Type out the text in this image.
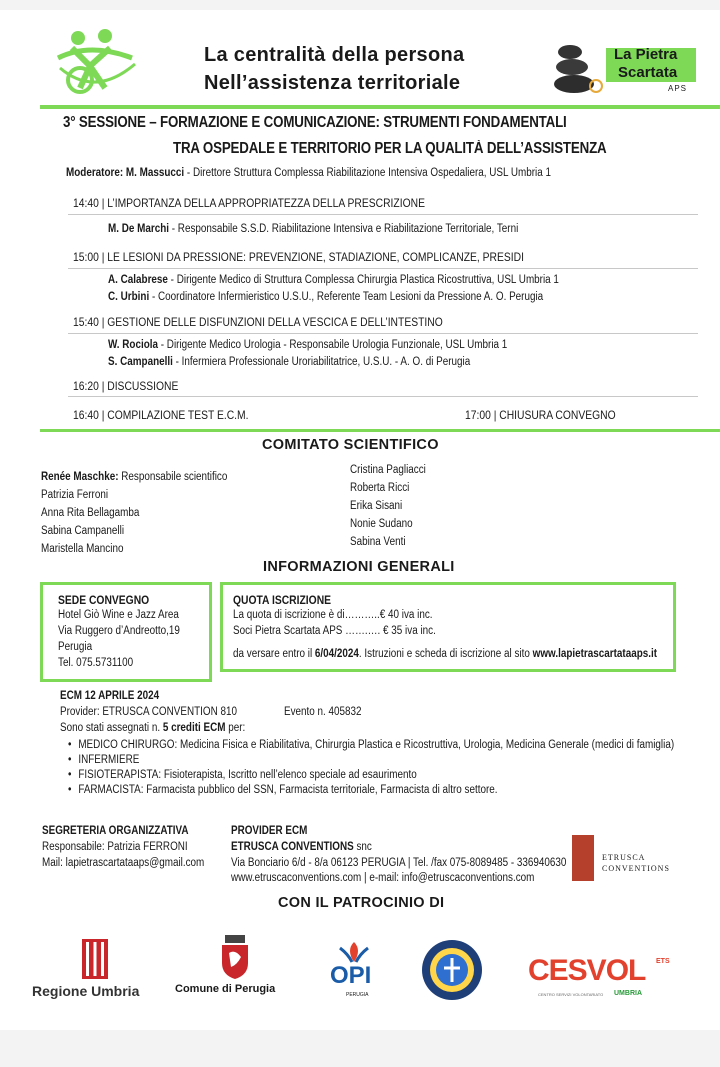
La centralità della persona
Nell’assistenza territoriale
La Pietra
Scartata
APS
3° SESSIONE – FORMAZIONE E COMUNICAZIONE: STRUMENTI FONDAMENTALI
TRA OSPEDALE E TERRITORIO PER LA QUALITÀ DELL’ASSISTENZA
Moderatore: M. Massucci - Direttore Struttura Complessa Riabilitazione Intensiva Ospedaliera, USL Umbria 1
14:40 | L’IMPORTANZA DELLA APPROPRIATEZZA DELLA PRESCRIZIONE
M. De Marchi - Responsabile S.S.D. Riabilitazione Intensiva e Riabilitazione Territoriale, Terni
15:00 | LE LESIONI DA PRESSIONE: PREVENZIONE, STADIAZIONE, COMPLICANZE, PRESIDI
A. Calabrese - Dirigente Medico di Struttura Complessa Chirurgia Plastica Ricostruttiva, USL Umbria 1
C. Urbini - Coordinatore Infermieristico U.S.U., Referente Team Lesioni da Pressione A. O. Perugia
15:40 | GESTIONE DELLE DISFUNZIONI DELLA VESCICA E DELL’INTESTINO
W. Rociola - Dirigente Medico Urologia - Responsabile Urologia Funzionale, USL Umbria 1
S. Campanelli - Infermiera Professionale Uroriabilitatrice, U.S.U. - A. O. di Perugia
16:20 | DISCUSSIONE
16:40 | COMPILAZIONE TEST E.C.M.	17:00 | CHIUSURA CONVEGNO
COMITATO SCIENTIFICO
Renée Maschke: Responsabile scientifico
Patrizia Ferroni
Anna Rita Bellagamba
Sabina Campanelli
Maristella Mancino
Cristina Pagliacci
Roberta Ricci
Erika Sisani
Nonie Sudano
Sabina Venti
INFORMAZIONI GENERALI
SEDE CONVEGNO
Hotel Giò Wine e Jazz Area
Via Ruggero d’Andreotto,19
Perugia
Tel. 075.5731100
QUOTA ISCRIZIONE
La quota di iscrizione è di………..€ 40 iva inc.
Soci Pietra Scartata APS …….…. € 35 iva inc.
da versare entro il 6/04/2024. Istruzioni e scheda di iscrizione al sito www.lapietrascartataaps.it
ECM 12 APRILE 2024
Provider: ETRUSCA CONVENTION 810	Evento n. 405832
Sono stati assegnati n. 5 crediti ECM per:
• MEDICO CHIRURGO: Medicina Fisica e Riabilitativa, Chirurgia Plastica e Ricostruttiva, Urologia, Medicina Generale (medici di famiglia)
• INFERMIERE
• FISIOTERAPISTA: Fisioterapista, Iscritto nell’elenco speciale ad esaurimento
• FARMACISTA: Farmacista pubblico del SSN, Farmacista territoriale, Farmacista di altro settore.
SEGRETERIA ORGANIZZATIVA
Responsabile: Patrizia FERRONI
Mail: lapietrascartataaps@gmail.com
PROVIDER ECM
ETRUSCA CONVENTIONS snc
Via Bonciario 6/d - 8/a 06123 PERUGIA | Tel. /fax 075-8089485 - 336940630
www.etruscaconventions.com | e-mail: info@etruscaconventions.com
ETRUSCA
CONVENTIONS
CON IL PATROCINIO DI
Regione Umbria	Comune di Perugia OPI
PERUGIA
CESVOL ETS
CENTRO SERVIZI VOLONTARIATO UMBRIA
